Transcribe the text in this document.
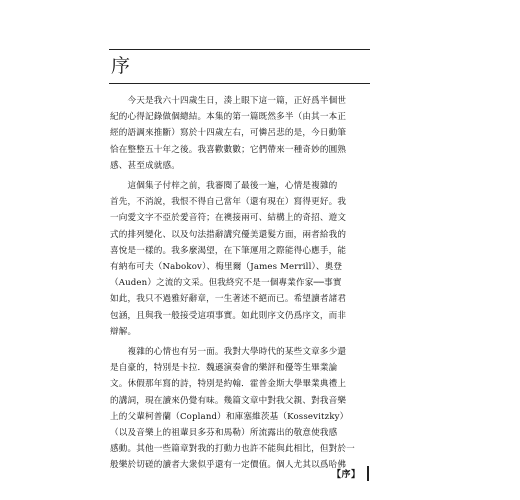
序
　　今天是我六十四歲生日，湊上眼下這一篇，正好爲半個世
紀的心得記錄做個總結。本集的第一篇既然多半（由其一本正
經的語調來推斷）寫於十四歲左右，可憐呂悲的是，今日動筆
恰在整整五十年之後。我喜歡數數；它們帶來一種奇妙的圓熟
感、甚至成就感。
　　這個集子付梓之前，我審閱了最後一遍，心情是複雜的
首先，不消說，我恨不得自己當年（還有現在）寫得更好。我
一向愛文字不亞於愛音符；在襖接兩可、結構上的奇招、遊文
式的排列變化、以及句法措辭講究優美還髮方面，兩者給我的
喜悅是一樣的。我多麼渴望，在下筆運用之際能得心應手，能
有納布可夫（Nabokov）、梅里爾（James Merrill）、奧登
（Auden）之流的文采。但我終究不是一個專業作家──事實
如此，我只不過雅好辭章，一生著述不絕而已。希望讀者諸君
包涵，且與我一般接受這項事實。如此則序文仍爲序文，而非
辯解。
　　複雜的心情也有另一面。我對大學時代的某些文章多少還
是自豪的，特別是卡拉．魏遜演奏會的樂評和優等生畢業論
文。休假那年寫的詩，特別是約翰．霍普金斯大學畢業典禮上
的講詞，現在讀來仍覺有味。幾篇文章中對我父親、對我音樂
上的父輩柯普蘭（Copland）和庫塞維茨基（Kossevitzky）
（以及音樂上的祖輩貝多芬和馬勒）所流露出的敬意使我感
感動。其他一些篇章對我的打動力也許不能與此相比，但對於一
般樂於切磋的讀者大衆似乎還有一定價值。個人尤其以爲哈佛
【序】
